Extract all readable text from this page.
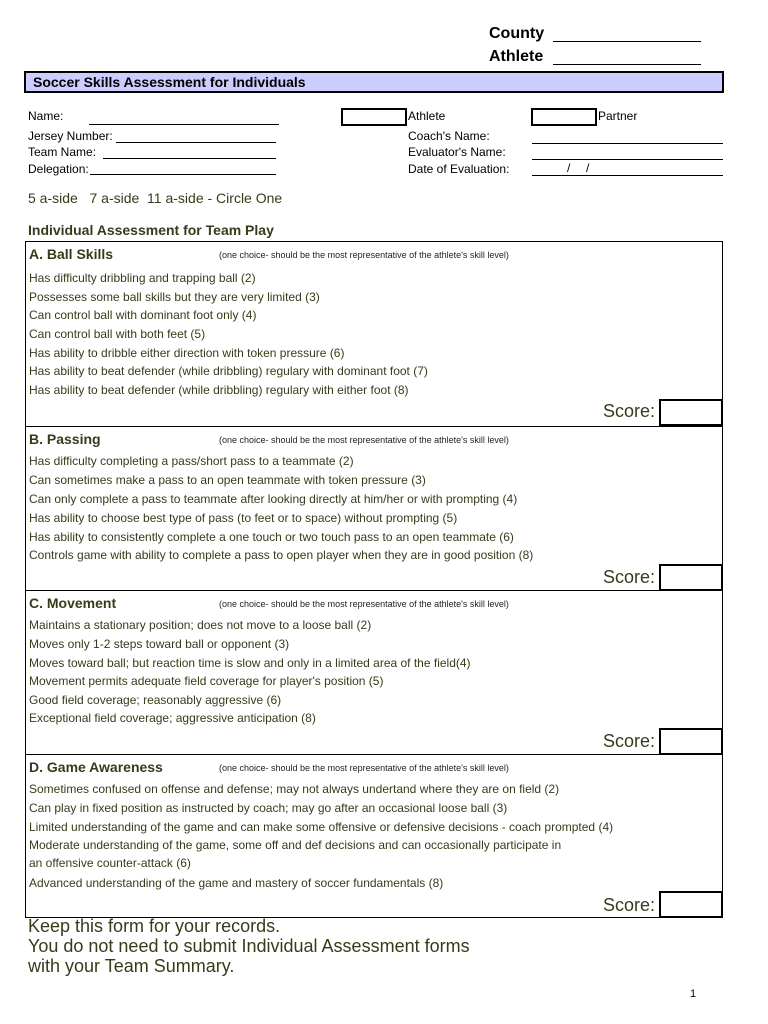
County
Athlete
Soccer Skills Assessment for Individuals
Name:
Jersey Number:
Team Name:
Delegation:
Athlete	Partner
Coach's Name:
Evaluator's Name:
Date of Evaluation:	/ /
5 a-side   7 a-side  11 a-side - Circle One
Individual Assessment for Team Play
A. Ball Skills	(one choice- should be the most representative of the athlete's skill level)
Has difficulty dribbling and trapping ball (2)
Possesses some ball skills but they are very limited (3)
Can control ball with dominant foot only (4)
Can control ball with both feet (5)
Has ability to dribble either direction with token pressure (6)
Has ability to beat defender (while dribbling) regulary with dominant foot (7)
Has ability to beat defender (while dribbling) regulary with either foot (8)
Score:
B. Passing	(one choice- should be the most representative of the athlete's skill level)
Has difficulty completing a pass/short pass to a teammate (2)
Can sometimes make a pass to an open teammate with token pressure (3)
Can only complete a pass to teammate after looking directly at him/her or with prompting (4)
Has ability to choose best type of pass (to feet or to space) without prompting (5)
Has ability to consistently complete a one touch or two touch pass to an open teammate (6)
Controls game with ability to complete a pass to open player when they are in good position (8)
Score:
C. Movement	(one choice- should be the most representative of the athlete's skill level)
Maintains a stationary position; does not move to a loose ball (2)
Moves only 1-2 steps toward ball or opponent (3)
Moves toward ball; but reaction time is slow and only in a limited area of the field(4)
Movement permits adequate field coverage for player's position (5)
Good field coverage; reasonably aggressive (6)
Exceptional field coverage; aggressive anticipation (8)
Score:
D. Game Awareness	(one choice- should be the most representative of the athlete's skill level)
Sometimes confused on offense and defense; may not always undertand where they are on field (2)
Can play in fixed position as instructed by coach; may go after an occasional loose ball (3)
Limited understanding of the game and can make some offensive or defensive decisions - coach prompted (4)
Moderate understanding of the game, some off and def decisions and can occasionally participate in
an offensive counter-attack (6)
Advanced understanding of the game and mastery of soccer fundamentals (8)
Score:
Keep this form for your records.
You do not need to submit Individual Assessment forms
with your Team Summary.
1
